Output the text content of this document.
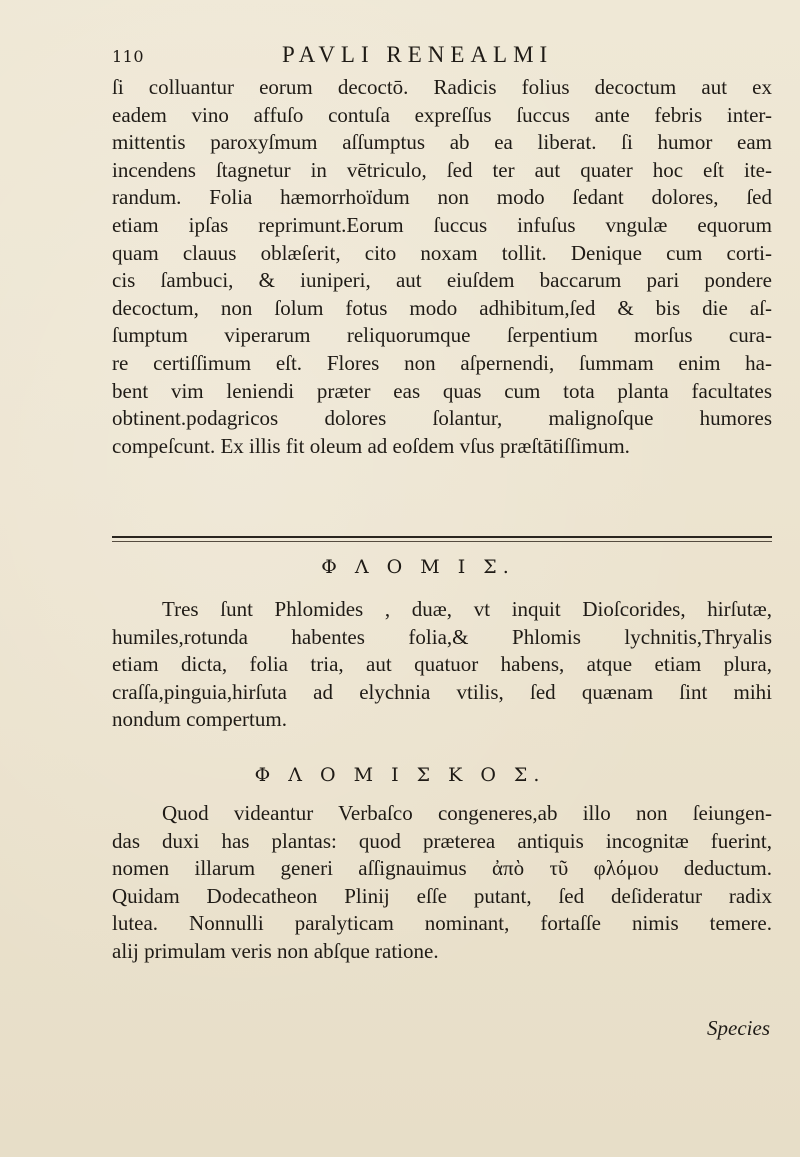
110	PAVLI RENEALMI
ſi colluantur eorum decoctō. Radicis folius decoctum aut ex
eadem vino affuſo contuſa expreſſus ſuccus ante febris inter-
mittentis paroxyſmum aſſumptus ab ea liberat. ſi humor eam
incendens ſtagnetur in vētriculo, ſed ter aut quater hoc eſt ite-
randum. Folia hæmorrhoïdum non modo ſedant dolores, ſed
etiam ipſas reprimunt.Eorum ſuccus infuſus vngulæ equorum
quam clauus oblæſerit, cito noxam tollit. Denique cum corti-
cis ſambuci, & iuniperi, aut eiuſdem baccarum pari pondere
decoctum, non ſolum fotus modo adhibitum,ſed & bis die aſ-
ſumptum viperarum reliquorumque ſerpentium morſus cura-
re certiſſimum eſt. Flores non aſpernendi, ſummam enim ha-
bent vim leniendi præter eas quas cum tota planta facultates
obtinent.podagricos dolores ſolantur, malignoſque humores
compeſcunt. Ex illis fit oleum ad eoſdem vſus præſtātiſſimum.
Φ Λ Ο Μ Ι Σ.
Tres ſunt Phlomides , duæ, vt inquit Dioſcorides, hirſutæ,
humiles,rotunda habentes folia,& Phlomis lychnitis,Thryalis
etiam dicta, folia tria, aut quatuor habens, atque etiam plura,
craſſa,pinguia,hirſuta ad elychnia vtilis, ſed quænam ſint mihi
nondum compertum.
Φ Λ Ο Μ Ι Σ Κ Ο Σ.
Quod videantur Verbaſco congeneres,ab illo non ſeiungen-
das duxi has plantas: quod præterea antiquis incognitæ fuerint,
nomen illarum generi aſſignauimus ἀπὸ τῦ φλόμου deductum.
Quidam Dodecatheon Plinij eſſe putant, ſed deſideratur radix
lutea. Nonnulli paralyticam nominant, fortaſſe nimis temere.
alij primulam veris non abſque ratione.
Species
